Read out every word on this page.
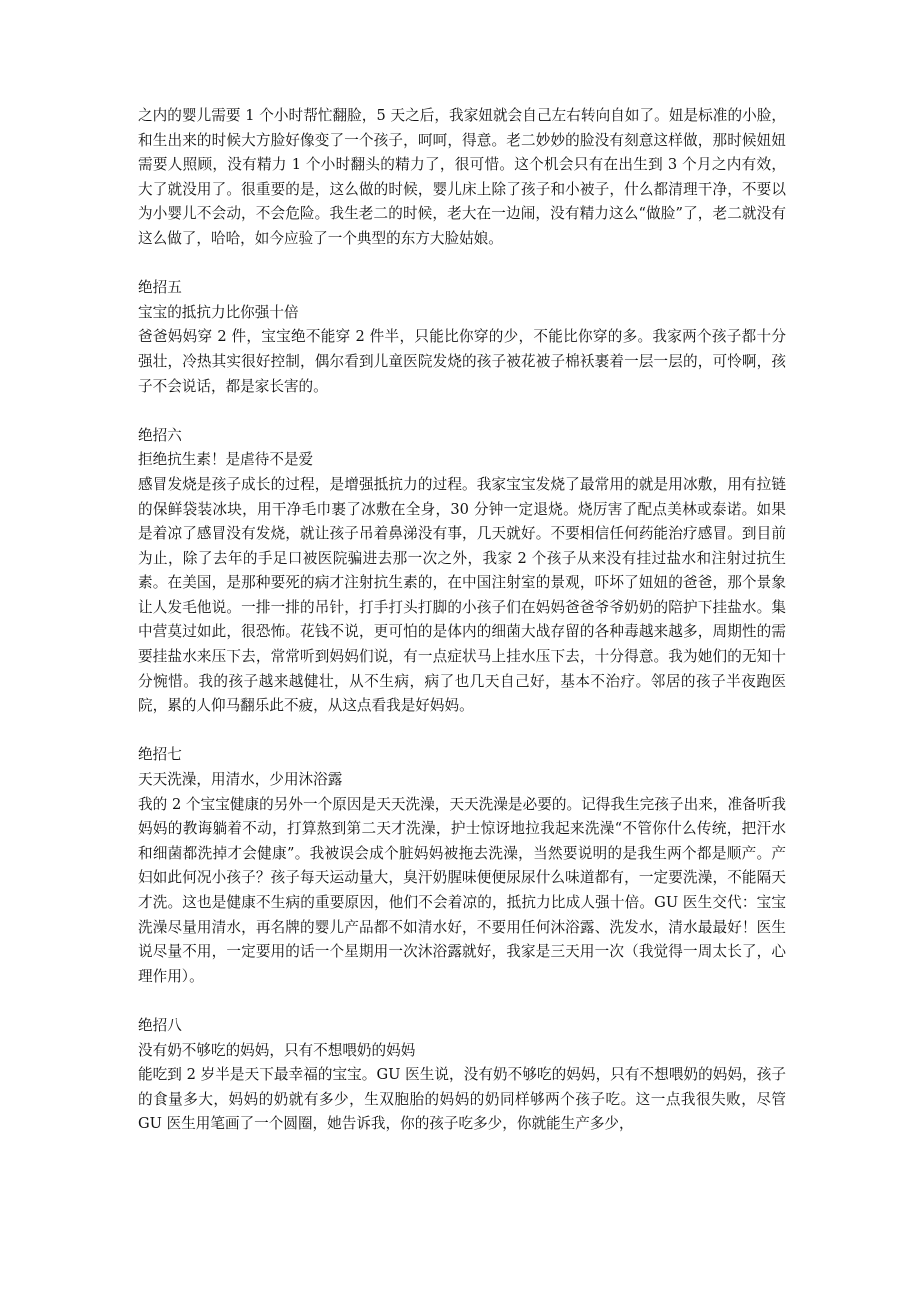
之内的婴儿需要 1 个小时帮忙翻脸，5 天之后，我家妞就会自己左右转向自如了。妞是标准的小脸，和生出来的时候大方脸好像变了一个孩子，呵呵，得意。老二妙妙的脸没有刻意这样做，那时候妞妞需要人照顾，没有精力 1 个小时翻头的精力了，很可惜。这个机会只有在出生到 3 个月之内有效，大了就没用了。很重要的是，这么做的时候，婴儿床上除了孩子和小被子，什么都清理干净，不要以为小婴儿不会动，不会危险。我生老二的时候，老大在一边闹，没有精力这么“做脸”了，老二就没有这么做了，哈哈，如今应验了一个典型的东方大脸姑娘。

绝招五
宝宝的抵抗力比你强十倍

爸爸妈妈穿 2 件，宝宝绝不能穿 2 件半，只能比你穿的少，不能比你穿的多。我家两个孩子都十分强壮，冷热其实很好控制，偶尔看到儿童医院发烧的孩子被花被子棉袄裹着一层一层的，可怜啊，孩子不会说话，都是家长害的。

绝招六
拒绝抗生素！是虐待不是爱

感冒发烧是孩子成长的过程，是增强抵抗力的过程。我家宝宝发烧了最常用的就是用冰敷，用有拉链的保鲜袋装冰块，用干净毛巾裹了冰敷在全身，30 分钟一定退烧。烧厉害了配点美林或泰诺。如果是着凉了感冒没有发烧，就让孩子吊着鼻涕没有事，几天就好。不要相信任何药能治疗感冒。到目前为止，除了去年的手足口被医院骗进去那一次之外，我家 2 个孩子从来没有挂过盐水和注射过抗生素。在美国，是那种要死的病才注射抗生素的，在中国注射室的景观，吓坏了妞妞的爸爸，那个景象让人发毛他说。一排一排的吊针，打手打头打脚的小孩子们在妈妈爸爸爷爷奶奶的陪护下挂盐水。集中营莫过如此，很恐怖。花钱不说，更可怕的是体内的细菌大战存留的各种毒越来越多，周期性的需要挂盐水来压下去，常常听到妈妈们说，有一点症状马上挂水压下去，十分得意。我为她们的无知十分惋惜。我的孩子越来越健壮，从不生病，病了也几天自己好，基本不治疗。邻居的孩子半夜跑医院，累的人仰马翻乐此不疲，从这点看我是好妈妈。

绝招七
天天洗澡，用清水，少用沐浴露

我的 2 个宝宝健康的另外一个原因是天天洗澡，天天洗澡是必要的。记得我生完孩子出来，准备听我妈妈的教诲躺着不动，打算熬到第二天才洗澡，护士惊讶地拉我起来洗澡“不管你什么传统，把汗水和细菌都洗掉才会健康”。我被误会成个脏妈妈被拖去洗澡，当然要说明的是我生两个都是顺产。产妇如此何况小孩子？孩子每天运动量大，臭汗奶腥味便便尿尿什么味道都有，一定要洗澡，不能隔天才洗。这也是健康不生病的重要原因，他们不会着凉的，抵抗力比成人强十倍。GU 医生交代：宝宝洗澡尽量用清水，再名牌的婴儿产品都不如清水好，不要用任何沐浴露、洗发水，清水最最好！医生说尽量不用，一定要用的话一个星期用一次沐浴露就好，我家是三天用一次（我觉得一周太长了，心理作用）。

绝招八
没有奶不够吃的妈妈，只有不想喂奶的妈妈

能吃到 2 岁半是天下最幸福的宝宝。GU 医生说，没有奶不够吃的妈妈，只有不想喂奶的妈妈，孩子的食量多大，妈妈的奶就有多少，生双胞胎的妈妈的奶同样够两个孩子吃。这一点我很失败，尽管 GU 医生用笔画了一个圆圈，她告诉我，你的孩子吃多少，你就能生产多少，
